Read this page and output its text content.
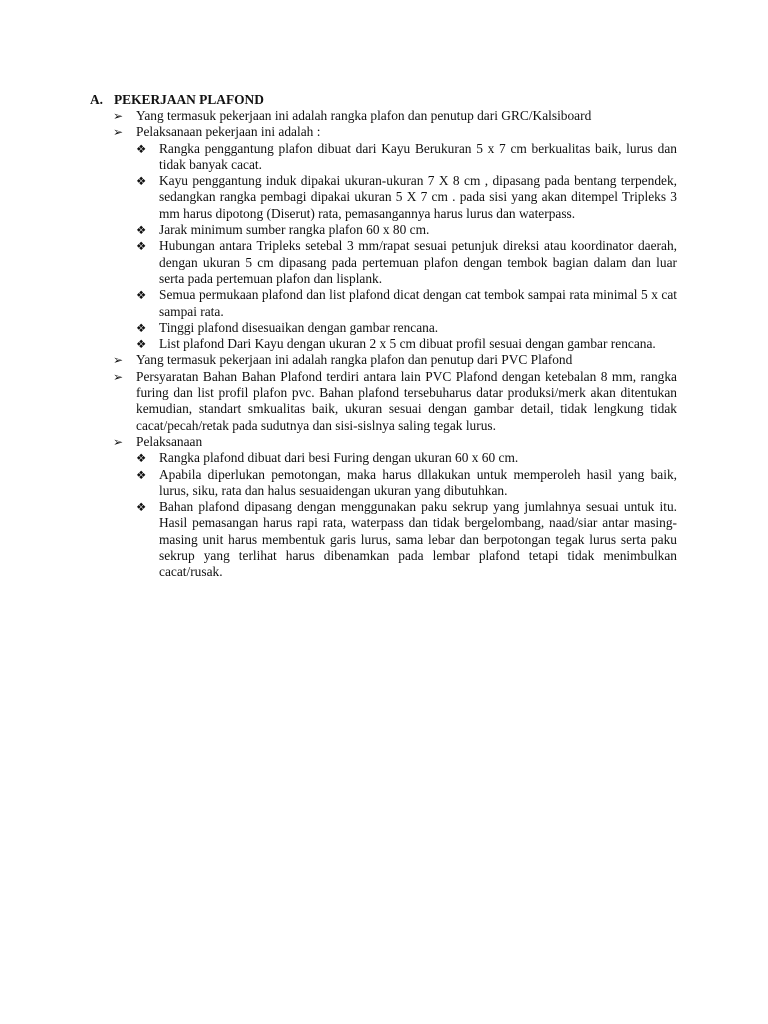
A. PEKERJAAN PLAFOND
➢ Yang termasuk pekerjaan ini adalah rangka plafon dan penutup dari GRC/Kalsiboard
➢ Pelaksanaan pekerjaan ini adalah :
❖ Rangka penggantung plafon dibuat dari Kayu Berukuran 5 x 7 cm berkualitas baik, lurus dan tidak banyak cacat.
❖ Kayu penggantung induk dipakai ukuran-ukuran 7 X 8 cm , dipasang pada bentang terpendek, sedangkan rangka pembagi dipakai ukuran 5 X 7 cm . pada sisi yang akan ditempel Tripleks 3 mm harus dipotong (Diserut) rata, pemasangannya harus lurus dan waterpass.
❖ Jarak minimum sumber rangka plafon 60 x 80 cm.
❖ Hubungan antara Tripleks setebal 3 mm/rapat sesuai petunjuk direksi atau koordinator daerah, dengan ukuran 5 cm dipasang pada pertemuan plafon dengan tembok bagian dalam dan luar serta pada pertemuan plafon dan lisplank.
❖ Semua permukaan plafond dan list plafond dicat dengan cat tembok sampai rata minimal 5 x cat sampai rata.
❖ Tinggi plafond disesuaikan dengan gambar rencana.
❖ List plafond Dari Kayu dengan ukuran 2 x 5 cm dibuat profil sesuai dengan gambar rencana.
➢ Yang termasuk pekerjaan ini adalah rangka plafon dan penutup dari PVC Plafond
➢ Persyaratan Bahan Bahan Plafond terdiri antara lain PVC Plafond dengan ketebalan 8 mm, rangka furing dan list profil plafon pvc. Bahan plafond tersebuharus datar produksi/merk akan ditentukan kemudian, standart smkualitas baik, ukuran sesuai dengan gambar detail, tidak lengkung tidak cacat/pecah/retak pada sudutnya dan sisi-sislnya saling tegak lurus.
➢ Pelaksanaan
❖ Rangka plafond dibuat dari besi Furing dengan ukuran 60 x 60 cm.
❖ Apabila diperlukan pemotongan, maka harus dllakukan untuk memperoleh hasil yang baik, lurus, siku, rata dan halus sesuaidengan ukuran yang dibutuhkan.
❖ Bahan plafond dipasang dengan menggunakan paku sekrup yang jumlahnya sesuai untuk itu. Hasil pemasangan harus rapi rata, waterpass dan tidak bergelombang, naad/siar antar masing-masing unit harus membentuk garis lurus, sama lebar dan berpotongan tegak lurus serta paku sekrup yang terlihat harus dibenamkan pada lembar plafond tetapi tidak menimbulkan cacat/rusak.
